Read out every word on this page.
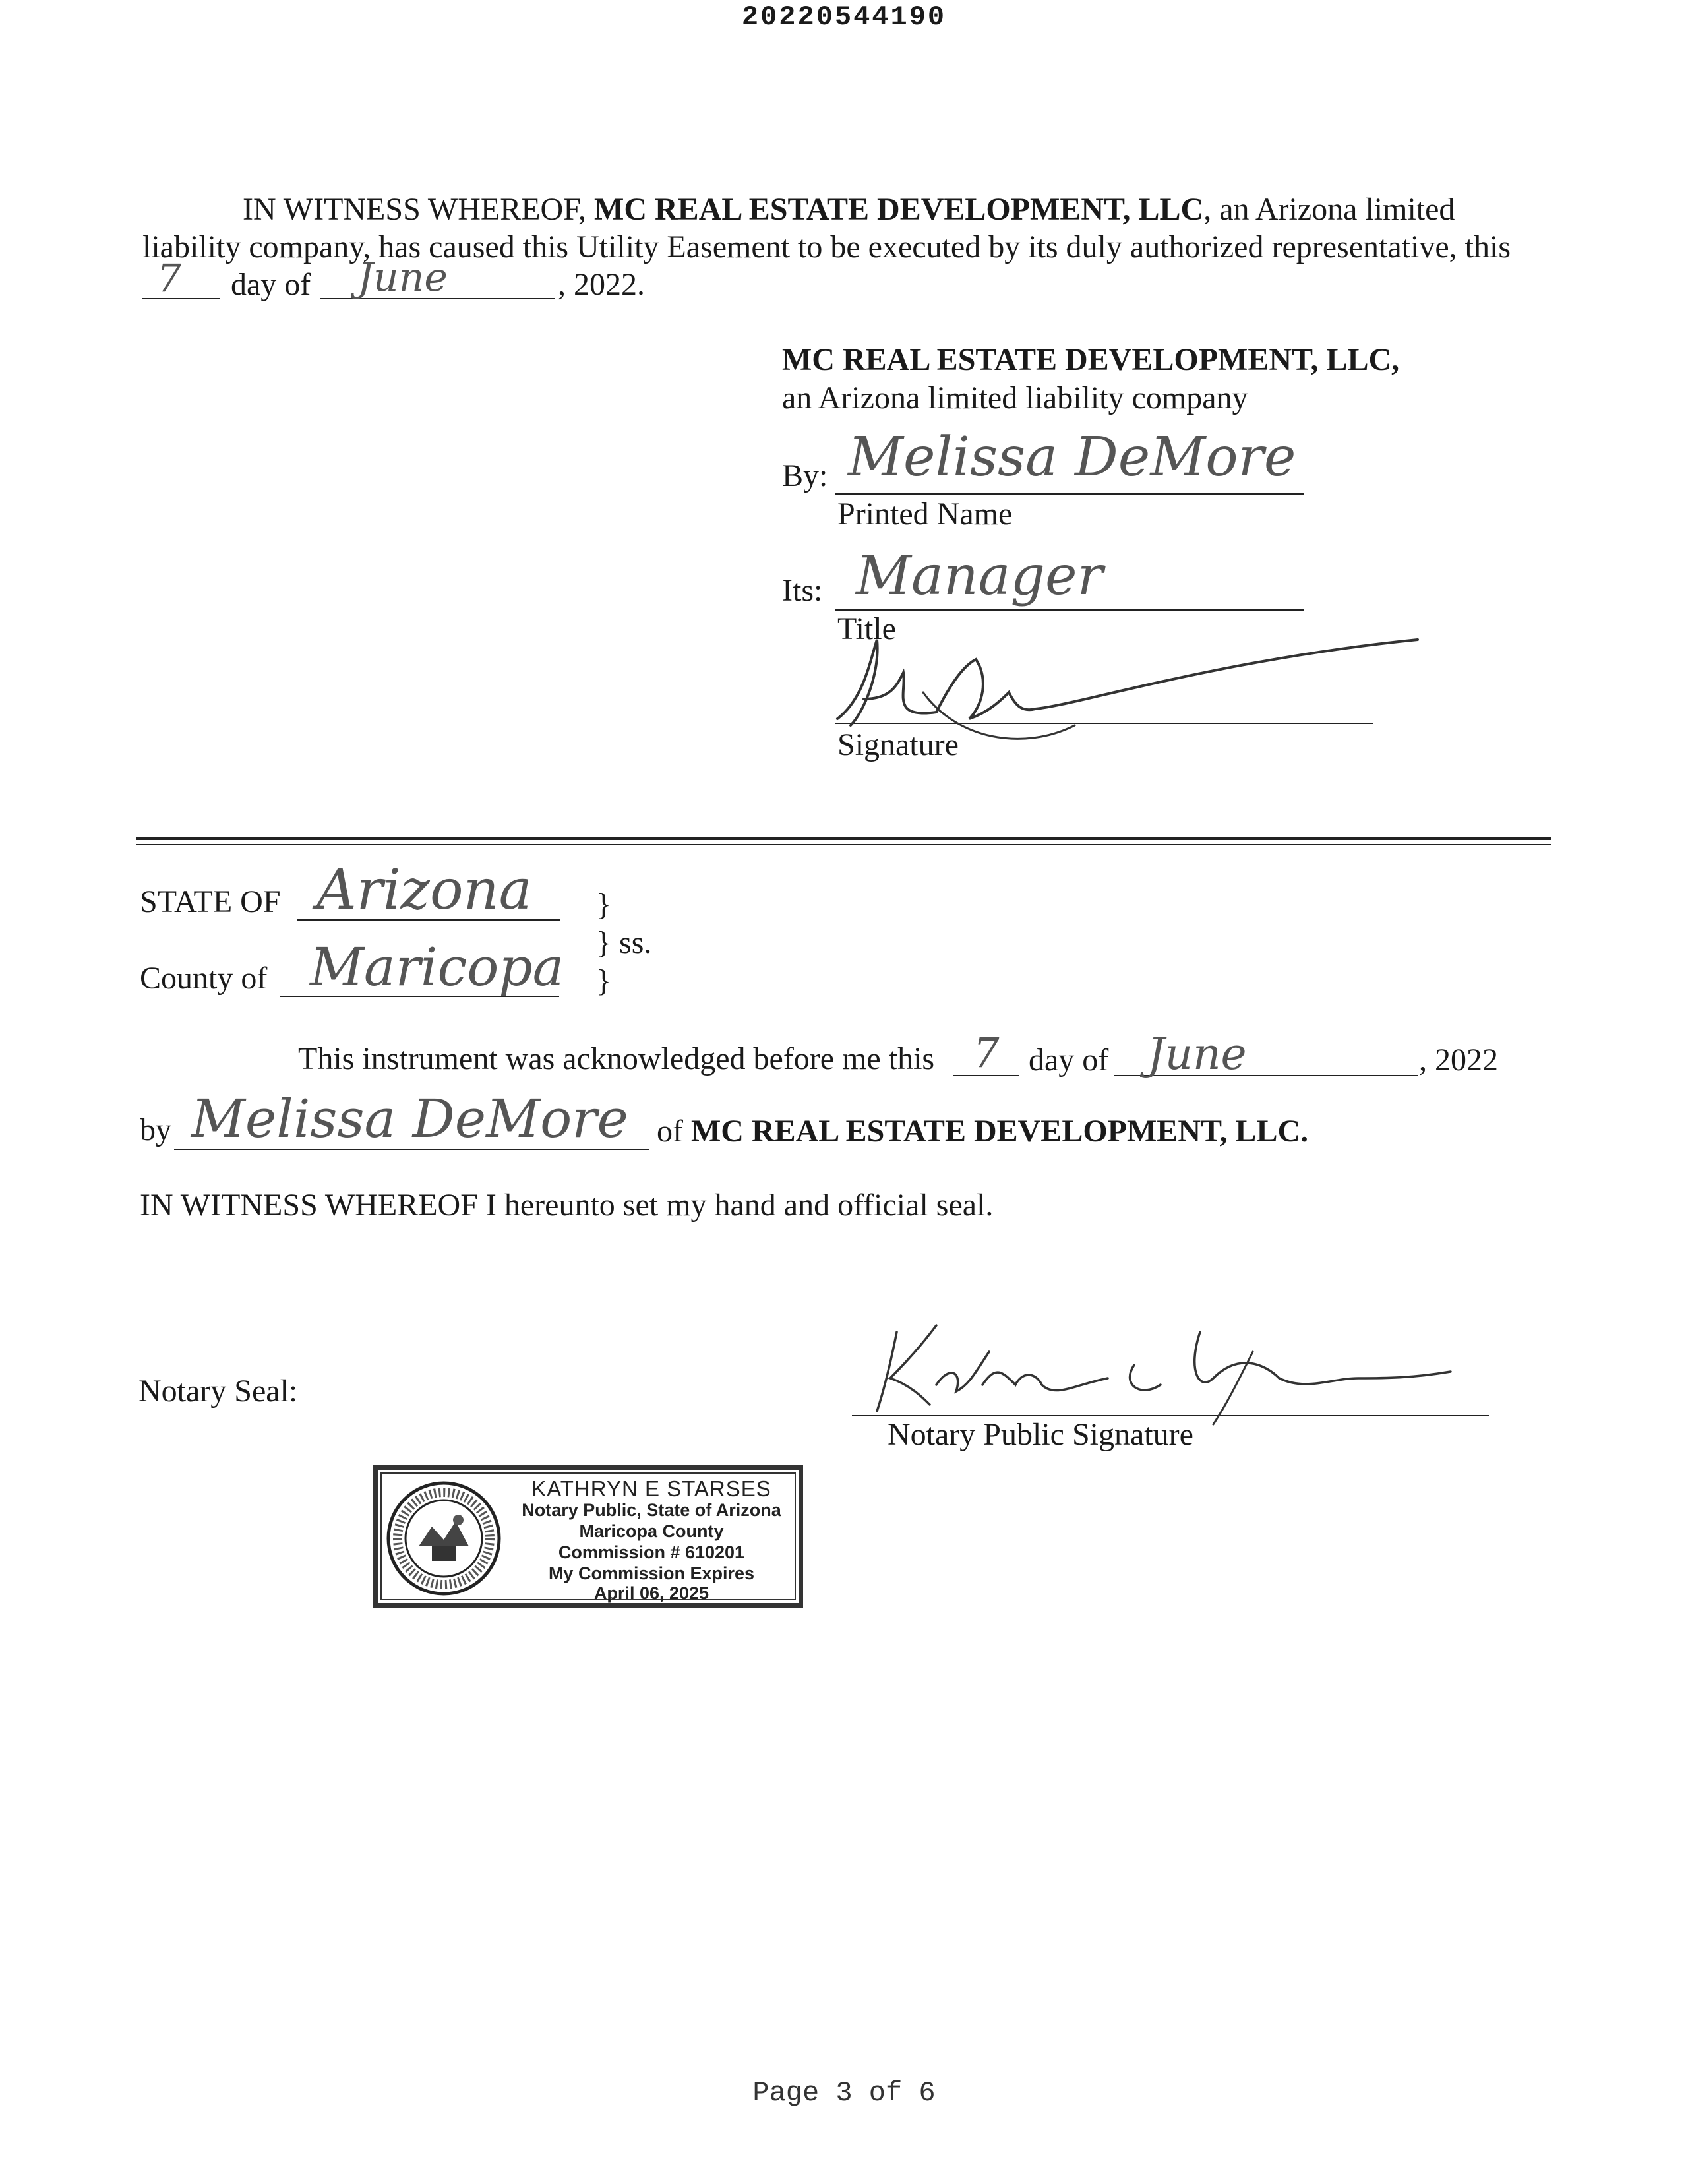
20220544190
IN WITNESS WHEREOF, MC REAL ESTATE DEVELOPMENT, LLC, an Arizona limited
liability company, has caused this Utility Easement to be executed by its duly authorized representative, this
7 day of June	, 2022.
MC REAL ESTATE DEVELOPMENT, LLC,
an Arizona limited liability company
By: Melissa DeMore
Printed Name
Its: Manager
Title
Signature
STATE OF Arizona }
} ss.
}
County of Maricopa
This instrument was acknowledged before me this 7 day of June	, 2022
by Melissa DeMore of MC REAL ESTATE DEVELOPMENT, LLC.
IN WITNESS WHEREOF I hereunto set my hand and official seal.
Notary Seal:
Notary Public Signature
KATHRYN E STARSES
Notary Public, State of Arizona
Maricopa County
Commission # 610201
My Commission Expires
April 06, 2025
Page 3 of 6
